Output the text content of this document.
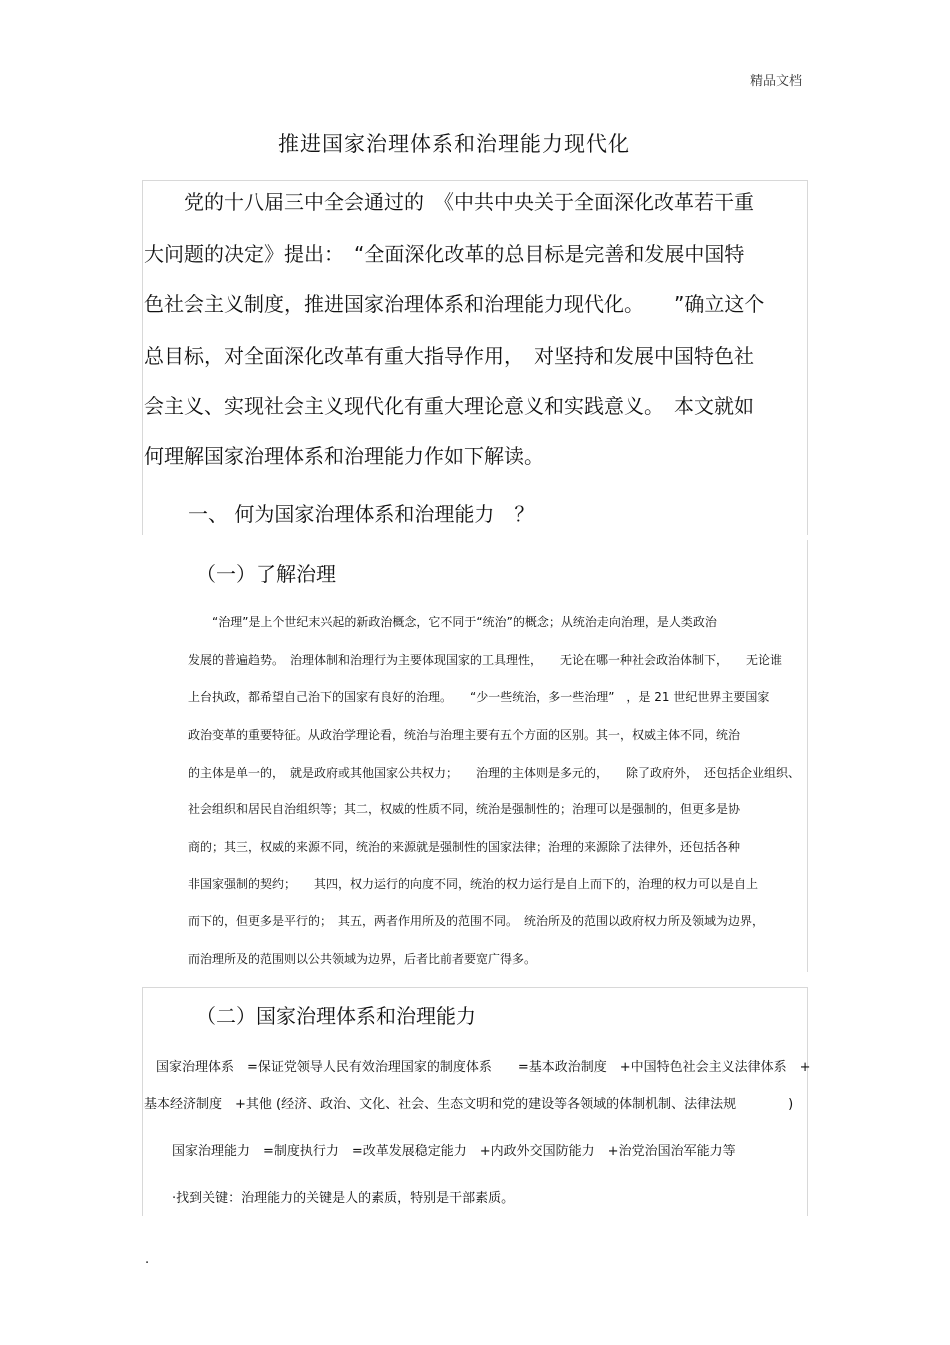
精品文档
推进国家治理体系和治理能力现代化
　　党的十八届三中全会通过的　《中共中央关于全面深化改革若干重
大问题的决定》提出：　“全面深化改革的总目标是完善和发展中国特
色社会主义制度，推进国家治理体系和治理能力现代化。　　”确立这个
总目标，对全面深化改革有重大指导作用，　对坚持和发展中国特色社
会主义、实现社会主义现代化有重大理论意义和实践意义。　本文就如
何理解国家治理体系和治理能力作如下解读。
一、 何为国家治理体系和治理能力　？
（一）了解治理
　　“治理”是上个世纪末兴起的新政治概念，它不同于“统治”的概念；从统治走向治理，是人类政治
发展的普遍趋势。　治理体制和治理行为主要体现国家的工具理性，　　无论在哪一种社会政治体制下，　　无论谁
上台执政，都希望自己治下的国家有良好的治理。　　“少一些统治，多一些治理”　，是 21 世纪世界主要国家
政治变革的重要特征。从政治学理论看，统治与治理主要有五个方面的区别。其一，权威主体不同，统治
的主体是单一的，　就是政府或其他国家公共权力；　　治理的主体则是多元的，　　除了政府外，　还包括企业组织、
社会组织和居民自治组织等；其二，权威的性质不同，统治是强制性的；治理可以是强制的，但更多是协
商的；其三，权威的来源不同，统治的来源就是强制性的国家法律；治理的来源除了法律外，还包括各种
非国家强制的契约；　　其四，权力运行的向度不同，统治的权力运行是自上而下的，治理的权力可以是自上
而下的，但更多是平行的；　其五，两者作用所及的范围不同。　统治所及的范围以政府权力所及领域为边界，
而治理所及的范围则以公共领域为边界，后者比前者要宽广得多。
（二）国家治理体系和治理能力
国家治理体系　=保证党领导人民有效治理国家的制度体系　　=基本政治制度　+中国特色社会主义法律体系　+
基本经济制度　+其他 (经济、政治、文化、社会、生态文明和党的建设等各领域的体制机制、法律法规　　　　)
国家治理能力　=制度执行力　=改革发展稳定能力　+内政外交国防能力　+治党治国治军能力等
·找到关键：治理能力的关键是人的素质，特别是干部素质。
.
